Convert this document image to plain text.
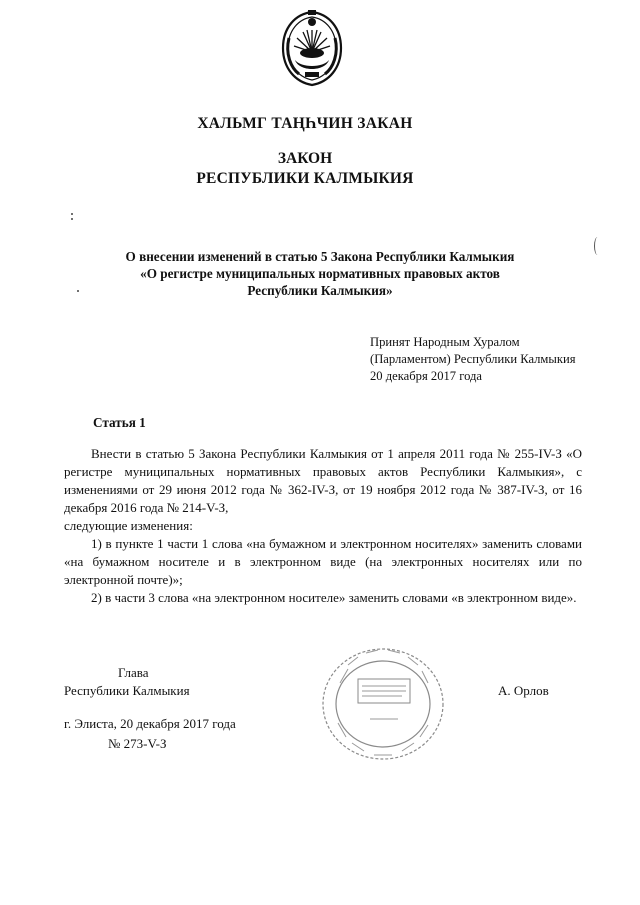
ХАЛЬМГ ТАҢҺЧИН ЗАКАН
ЗАКОН
РЕСПУБЛИКИ КАЛМЫКИЯ
О внесении изменений в статью 5 Закона Республики Калмыкия
«О регистре муниципальных нормативных правовых актов
Республики Калмыкия»
Принят Народным Хуралом
(Парламентом) Республики Калмыкия
20 декабря 2017 года
Статья 1

Внести в статью 5 Закона Республики Калмыкия от 1 апреля 2011 года № 255-IV-З «О регистре муниципальных нормативных правовых актов Республики Калмыкия», с изменениями от 29 июня 2012 года № 362-IV-З, от 19 ноября 2012 года № 387-IV-З, от 16 декабря 2016 года № 214-V-З,

следующие изменения:

1) в пункте 1 части 1 слова «на бумажном и электронном носителях» заменить словами «на бумажном носителе и в электронном виде (на электронных носителях или по электронной почте)»;

2) в части 3 слова «на электронном носителе» заменить словами «в электронном виде».

Глава
Республики Калмыкия	А. Орлов
г. Элиста, 20 декабря 2017 года
№ 273-V-З
